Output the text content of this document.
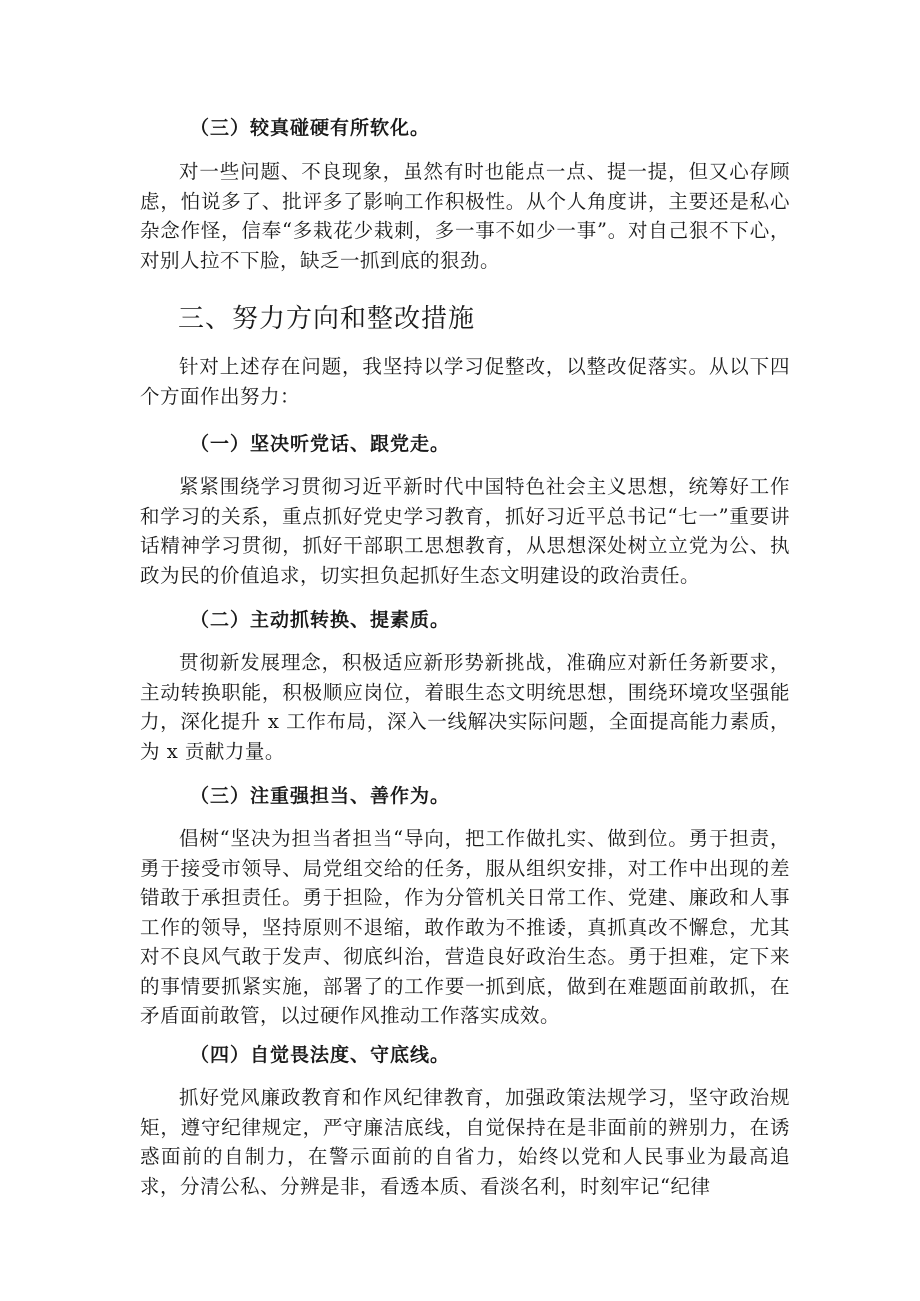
（三）较真碰硬有所软化。

对一些问题、不良现象，虽然有时也能点一点、提一提，但又心存顾虑，怕说多了、批评多了影响工作积极性。从个人角度讲，主要还是私心杂念作怪，信奉“多栽花少栽刺，多一事不如少一事”。对自己狠不下心，对别人拉不下脸，缺乏一抓到底的狠劲。

三、努力方向和整改措施

针对上述存在问题，我坚持以学习促整改，以整改促落实。从以下四个方面作出努力：

（一）坚决听党话、跟党走。

紧紧围绕学习贯彻习近平新时代中国特色社会主义思想，统筹好工作和学习的关系，重点抓好党史学习教育，抓好习近平总书记“七一”重要讲话精神学习贯彻，抓好干部职工思想教育，从思想深处树立立党为公、执政为民的价值追求，切实担负起抓好生态文明建设的政治责任。

（二）主动抓转换、提素质。

贯彻新发展理念，积极适应新形势新挑战，准确应对新任务新要求，主动转换职能，积极顺应岗位，着眼生态文明统思想，围绕环境攻坚强能力，深化提升 x 工作布局，深入一线解决实际问题，全面提高能力素质，为 x 贡献力量。

（三）注重强担当、善作为。

倡树“坚决为担当者担当“导向，把工作做扎实、做到位。勇于担责，勇于接受市领导、局党组交给的任务，服从组织安排，对工作中出现的差错敢于承担责任。勇于担险，作为分管机关日常工作、党建、廉政和人事工作的领导，坚持原则不退缩，敢作敢为不推诿，真抓真改不懈怠，尤其对不良风气敢于发声、彻底纠治，营造良好政治生态。勇于担难，定下来的事情要抓紧实施，部署了的工作要一抓到底，做到在难题面前敢抓，在矛盾面前敢管，以过硬作风推动工作落实成效。

（四）自觉畏法度、守底线。

抓好党风廉政教育和作风纪律教育，加强政策法规学习，坚守政治规矩，遵守纪律规定，严守廉洁底线，自觉保持在是非面前的辨别力，在诱惑面前的自制力，在警示面前的自省力，始终以党和人民事业为最高追求，分清公私、分辨是非，看透本质、看淡名利，时刻牢记“纪律
